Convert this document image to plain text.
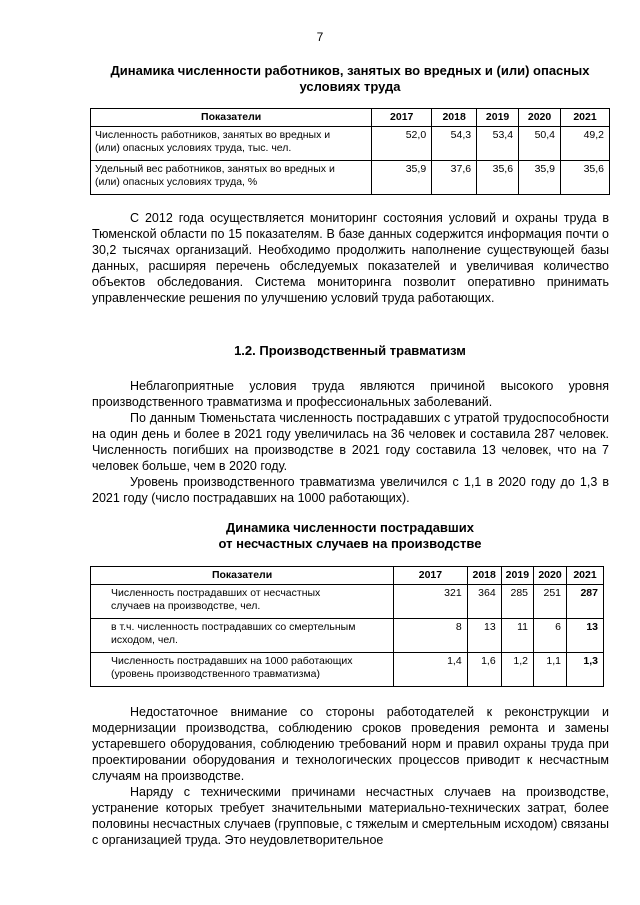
7
Динамика численности работников, занятых во вредных и (или) опасных
условиях труда
Показатели	2017	2018	2019	2020	2021
Численность работников, занятых во вредных и
(или) опасных условиях труда, тыс. чел.	52,0	54,3	53,4	50,4	49,2
Удельный вес работников, занятых во вредных и
(или) опасных условиях труда, %	35,9	37,6	35,6	35,9	35,6

С 2012 года осуществляется мониторинг состояния условий и охраны труда в Тюменской области по 15 показателям. В базе данных содержится информация почти о 30,2 тысячах организаций. Необходимо продолжить наполнение существующей базы данных, расширяя перечень обследуемых показателей и увеличивая количество объектов обследования. Система мониторинга позволит оперативно принимать управленческие решения по улучшению условий труда работающих.

1.2. Производственный травматизм

Неблагоприятные условия труда являются причиной высокого уровня производственного травматизма и профессиональных заболеваний.

По данным Тюменьстата численность пострадавших с утратой трудоспособности на один день и более в 2021 году увеличилась на 36 человек и составила 287 человек. Численность погибших на производстве в 2021 году составила 13 человек, что на 7 человек больше, чем в 2020 году.

Уровень производственного травматизма увеличился с 1,1 в 2020 году до 1,3 в 2021 году (число пострадавших на 1000 работающих).

Динамика численности пострадавших
от несчастных случаев на производстве
Показатели	2017	2018	2019	2020	2021
Численность пострадавших от несчастных
случаев на производстве, чел.	321	364	285	251	287
в т.ч. численность пострадавших со смертельным
исходом, чел.	8	13	11	6	13
Численность пострадавших на 1000 работающих
(уровень производственного травматизма)	1,4	1,6	1,2	1,1	1,3

Недостаточное внимание со стороны работодателей к реконструкции и модернизации производства, соблюдению сроков проведения ремонта и замены устаревшего оборудования, соблюдению требований норм и правил охраны труда при проектировании оборудования и технологических процессов приводит к несчастным случаям на производстве.

Наряду с техническими причинами несчастных случаев на производстве, устранение которых требует значительными материально-технических затрат, более половины несчастных случаев (групповые, с тяжелым и смертельным исходом) связаны с организацией труда. Это неудовлетворительное
